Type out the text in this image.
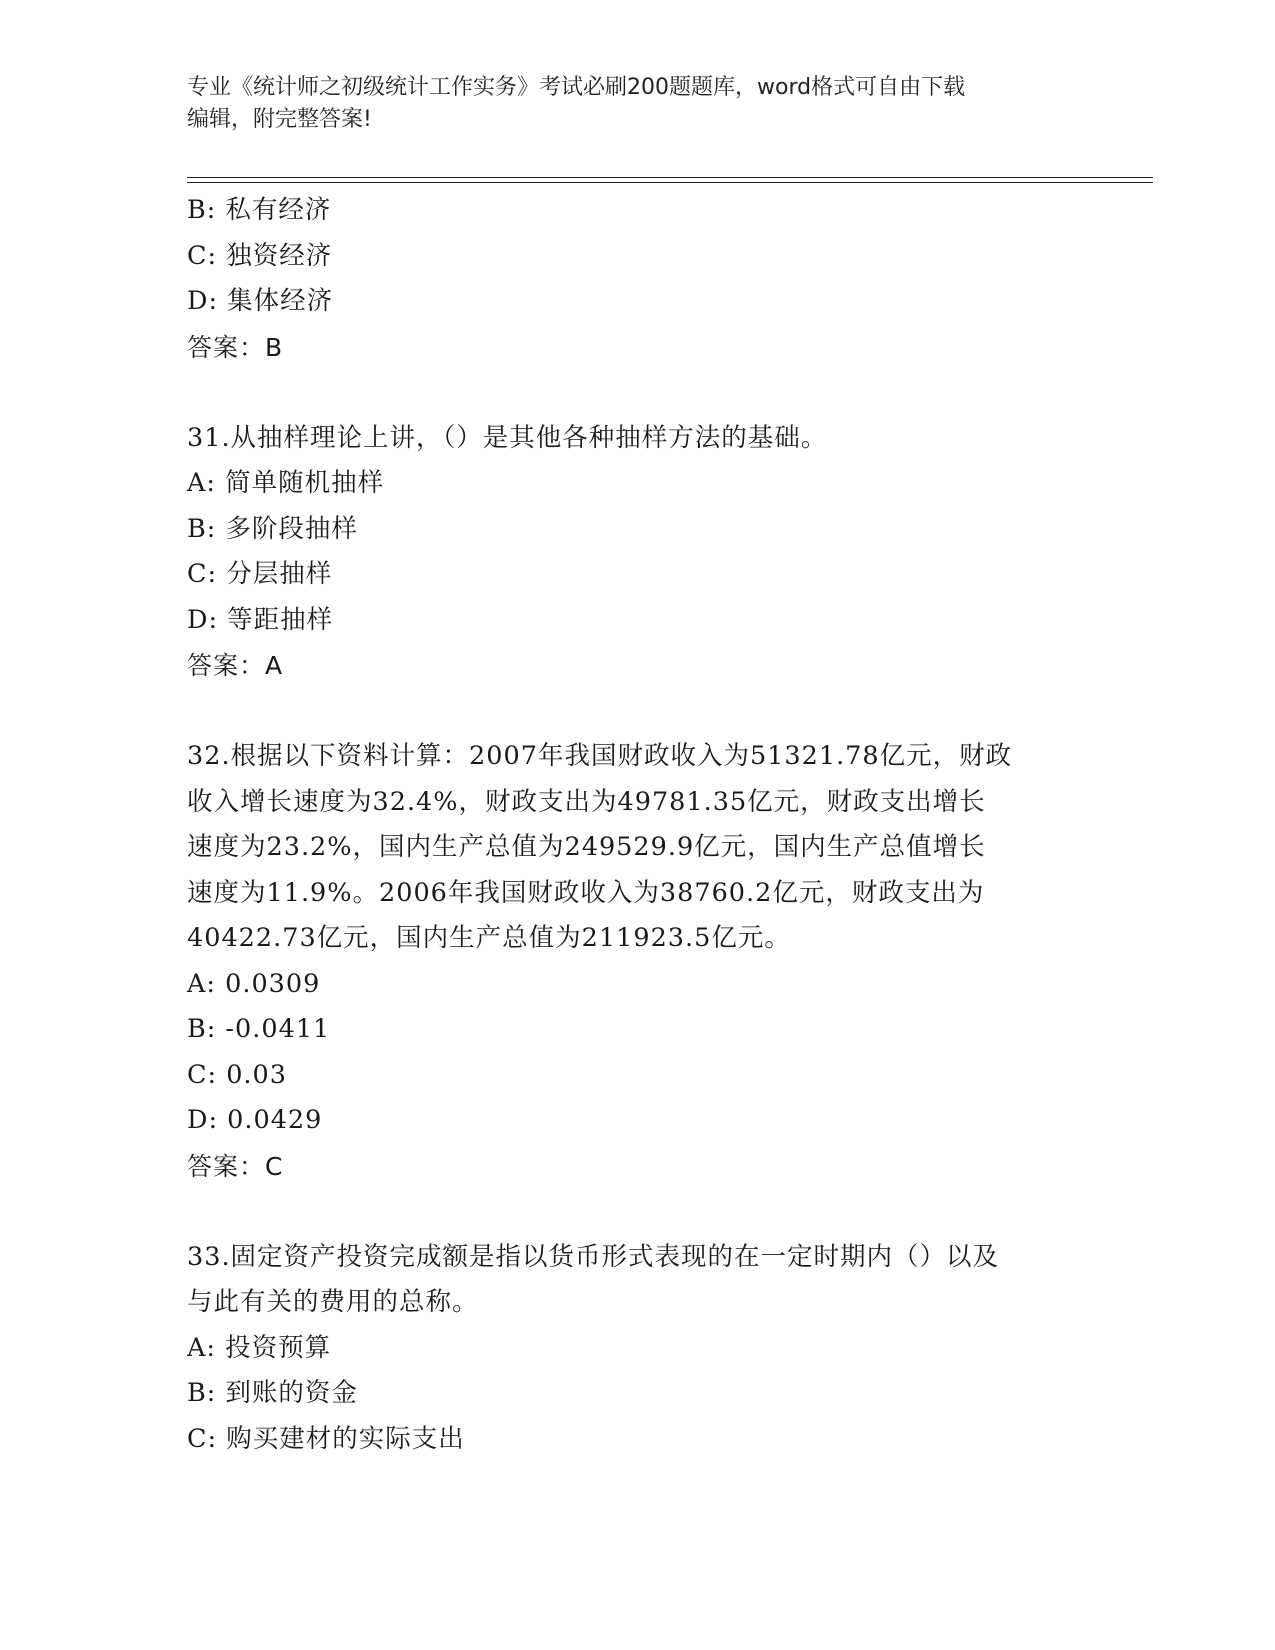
专业《统计师之初级统计工作实务》考试必刷200题题库，word格式可自由下载
编辑，附完整答案!
B: 私有经济
C: 独资经济
D: 集体经济
答案：B
31.从抽样理论上讲，（）是其他各种抽样方法的基础。
A: 简单随机抽样
B: 多阶段抽样
C: 分层抽样
D: 等距抽样
答案：A
32.根据以下资料计算：2007年我国财政收入为51321.78亿元，财政
收入增长速度为32.4%，财政支出为49781.35亿元，财政支出增长
速度为23.2%，国内生产总值为249529.9亿元，国内生产总值增长
速度为11.9%。2006年我国财政收入为38760.2亿元，财政支出为
40422.73亿元，国内生产总值为211923.5亿元。
A: 0.0309
B: -0.0411
C: 0.03
D: 0.0429
答案：C
33.固定资产投资完成额是指以货币形式表现的在一定时期内（）以及
与此有关的费用的总称。
A: 投资预算
B: 到账的资金
C: 购买建材的实际支出
